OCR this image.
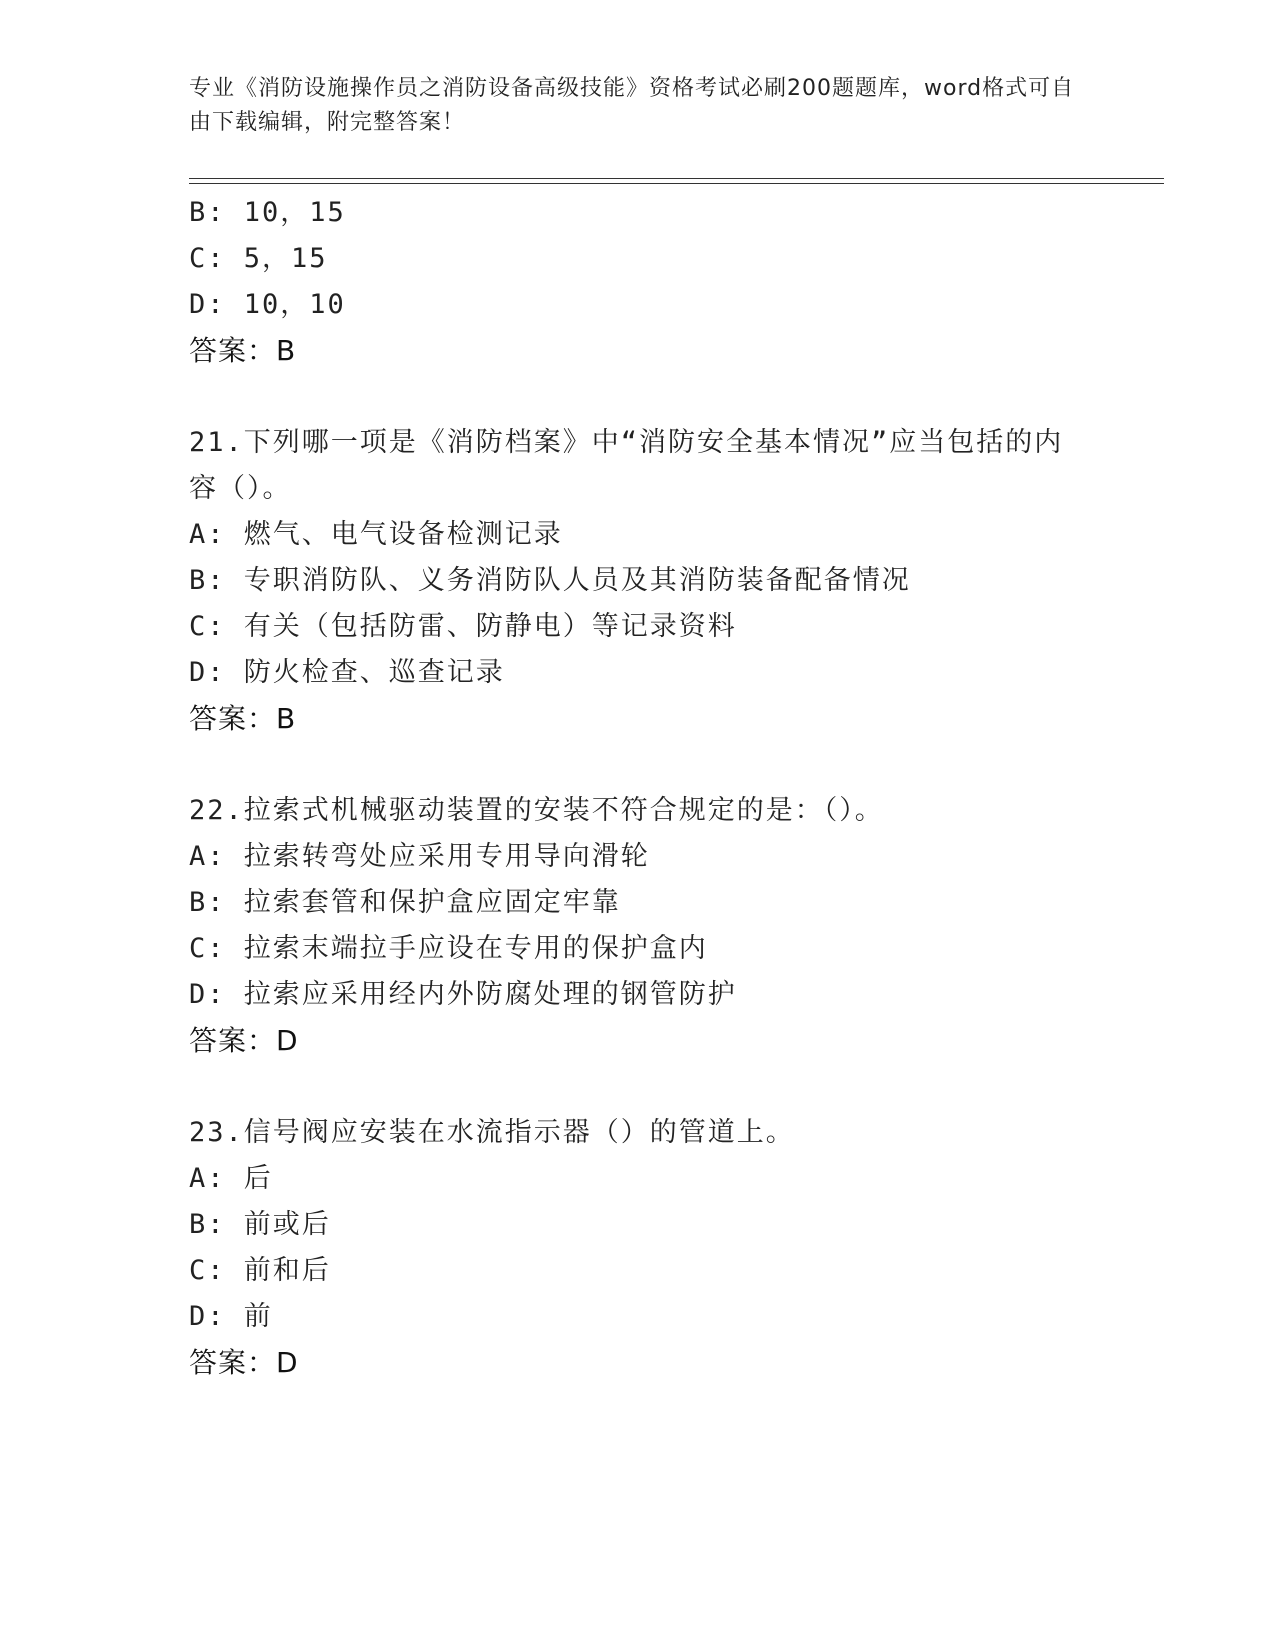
专业《消防设施操作员之消防设备高级技能》资格考试必刷200题题库，word格式可自由下载编辑，附完整答案！
B: 10，15
C: 5，15
D: 10，10
答案：B
21.下列哪一项是《消防档案》中“消防安全基本情况”应当包括的内容（）。
A: 燃气、电气设备检测记录
B: 专职消防队、义务消防队人员及其消防装备配备情况
C: 有关（包括防雷、防静电）等记录资料
D: 防火检查、巡查记录
答案：B
22.拉索式机械驱动装置的安装不符合规定的是：（）。
A: 拉索转弯处应采用专用导向滑轮
B: 拉索套管和保护盒应固定牢靠
C: 拉索末端拉手应设在专用的保护盒内
D: 拉索应采用经内外防腐处理的钢管防护
答案：D
23.信号阀应安装在水流指示器（）的管道上。
A: 后
B: 前或后
C: 前和后
D: 前
答案：D
